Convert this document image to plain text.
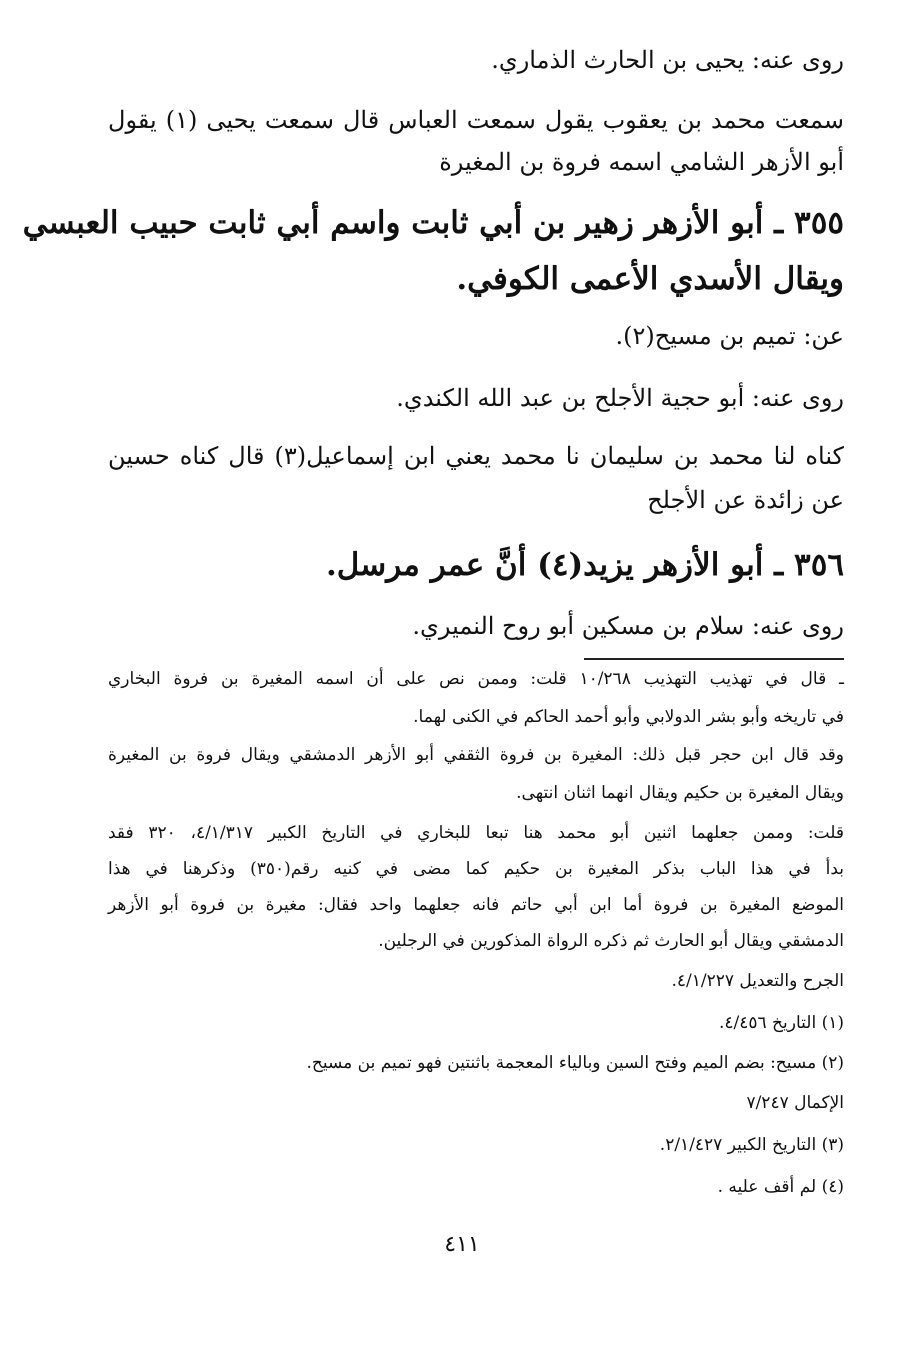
روى عنه: يحيى بن الحارث الذماري.
سمعت محمد بن يعقوب يقول سمعت العباس قال سمعت يحيى (١) يقول
أبو الأزهر الشامي اسمه فروة بن المغيرة
٣٥٥ ـ أبو الأزهر زهير بن أبي ثابت واسم أبي ثابت حبيب العبسي
ويقال الأسدي الأعمى الكوفي.
عن: تميم بن مسيح(٢).
روى عنه: أبو حجية الأجلح بن عبد الله الكندي.
كناه لنا محمد بن سليمان نا محمد يعني ابن إسماعيل(٣) قال كناه حسين
عن زائدة عن الأجلح
٣٥٦ ـ أبو الأزهر يزيد(٤) أنَّ عمر مرسل.
روى عنه: سلام بن مسكين أبو روح النميري.
ـ قال في تهذيب التهذيب ١٠/٢٦٨ قلت: وممن نص على أن اسمه المغيرة بن فروة البخاري
في تاريخه وأبو بشر الدولابي وأبو أحمد الحاكم في الكنى لهما.
وقد قال ابن حجر قبل ذلك: المغيرة بن فروة الثقفي أبو الأزهر الدمشقي ويقال فروة بن المغيرة
ويقال المغيرة بن حكيم ويقال انهما اثنان انتهى.
قلت: وممن جعلهما اثنين أبو محمد هنا تبعا للبخاري في التاريخ الكبير ٤/١/٣١٧، ٣٢٠ فقد
بدأ في هذا الباب بذكر المغيرة بن حكيم كما مضى في كنيه رقم(٣٥٠) وذكرهنا في هذا
الموضع المغيرة بن فروة أما ابن أبي حاتم فانه جعلهما واحد فقال: مغيرة بن فروة أبو الأزهر
الدمشقي ويقال أبو الحارث ثم ذكره الرواة المذكورين في الرجلين.
الجرح والتعديل ٤/١/٢٢٧.
(١) التاريخ ٤/٤٥٦.
(٢) مسيح: بضم الميم وفتح السين وبالياء المعجمة باثنتين فهو تميم بن مسيح.
الإكمال ٧/٢٤٧
(٣) التاريخ الكبير ٢/١/٤٢٧.
(٤) لم أقف عليه .
٤١١
